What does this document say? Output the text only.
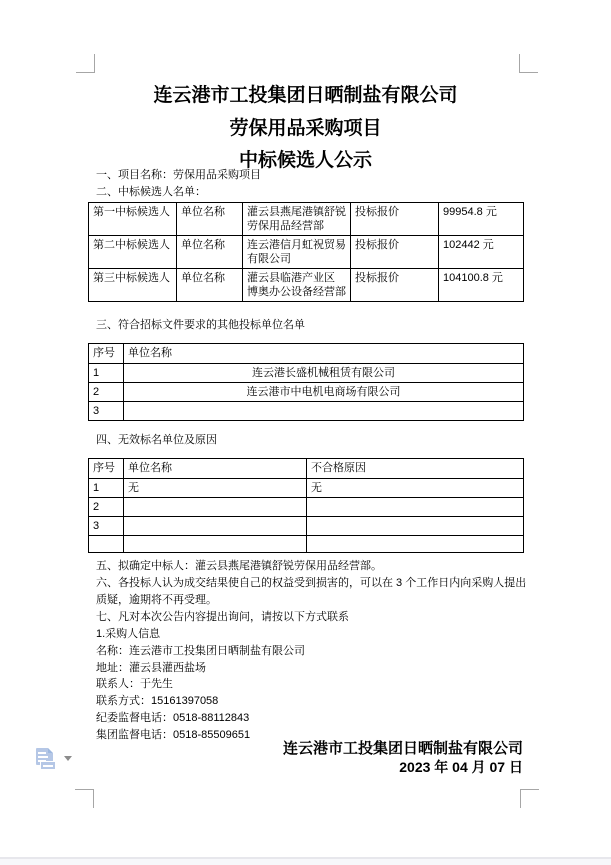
连云港市工投集团日晒制盐有限公司
劳保用品采购项目
中标候选人公示
一、项目名称：劳保用品采购项目
二、中标候选人名单：
第一中标候选人	单位名称	灌云县燕尾港镇舒锐劳保用品经营部	投标报价	99954.8 元
第二中标候选人	单位名称	连云港信月虹祝贸易有限公司	投标报价	102442 元
第三中标候选人	单位名称	灌云县临港产业区 博奥办公设备经营部	投标报价	104100.8 元
三、符合招标文件要求的其他投标单位名单
序号	单位名称
1	连云港长盛机械租赁有限公司
2	连云港市中电机电商场有限公司
3	
四、无效标名单位及原因
序号	单位名称	不合格原因
1	无	无
2		
3		

五、拟确定中标人：灌云县燕尾港镇舒锐劳保用品经营部。
六、各投标人认为成交结果使自己的权益受到损害的，可以在 3 个工作日内向采购人提出质疑，逾期将不再受理。
七、凡对本次公告内容提出询问，请按以下方式联系
1.采购人信息
名称：连云港市工投集团日晒制盐有限公司
地址：灌云县灌西盐场
联系人：于先生
联系方式：15161397058
纪委监督电话：0518-88112843
集团监督电话：0518-85509651
连云港市工投集团日晒制盐有限公司
2023 年 04 月 07 日
